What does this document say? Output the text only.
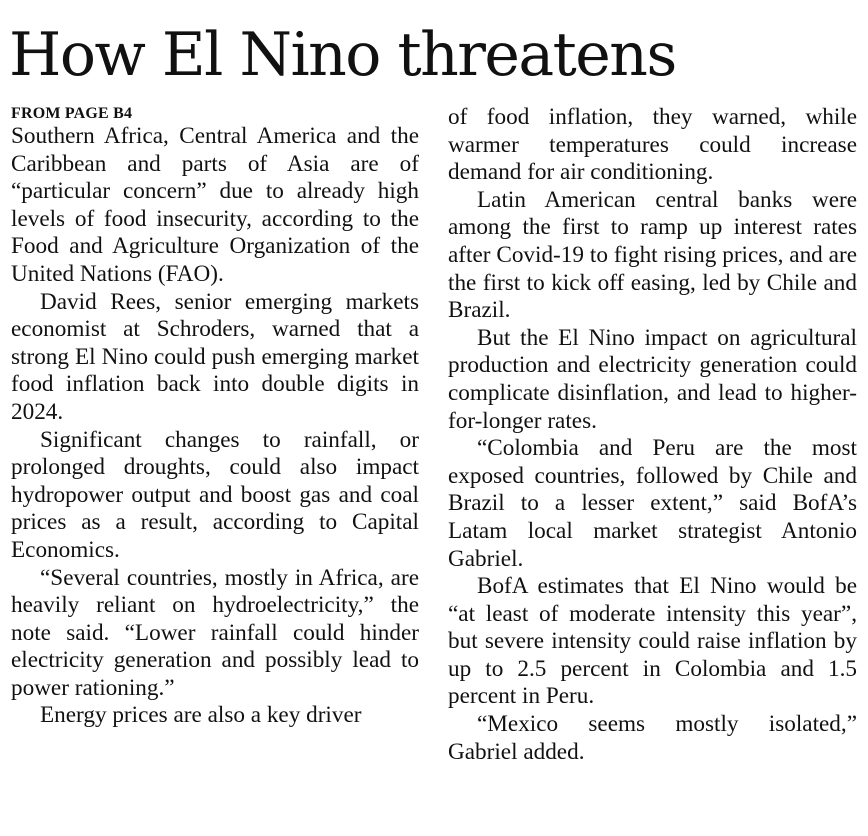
How El Nino threatens
FROM PAGE B4

Southern Africa, Central America and the Caribbean and parts of Asia are of “particular concern” due to already high levels of food insecurity, according to the Food and Agriculture Organization of the United Nations (FAO).

David Rees, senior emerging markets economist at Schroders, warned that a strong El Nino could push emerging market food inflation back into double digits in 2024.

Significant changes to rainfall, or prolonged droughts, could also impact hydropower output and boost gas and coal prices as a result, according to Capital Economics.

“Several countries, mostly in Africa, are heavily reliant on hydroelectricity,” the note said. “Lower rainfall could hinder electricity generation and possibly lead to power rationing.”

Energy prices are also a key driver

of food inflation, they warned, while warmer temperatures could increase demand for air conditioning.

Latin American central banks were among the first to ramp up interest rates after Covid-19 to fight rising prices, and are the first to kick off easing, led by Chile and Brazil.

But the El Nino impact on agricultural production and electricity generation could complicate disinflation, and lead to higher-for-longer rates.

“Colombia and Peru are the most exposed countries, followed by Chile and Brazil to a lesser extent,” said BofA’s Latam local market strategist Antonio Gabriel.

BofA estimates that El Nino would be “at least of moderate intensity this year”, but severe intensity could raise inflation by up to 2.5 percent in Colombia and 1.5 percent in Peru.

“Mexico seems mostly isolated,” Gabriel added.
